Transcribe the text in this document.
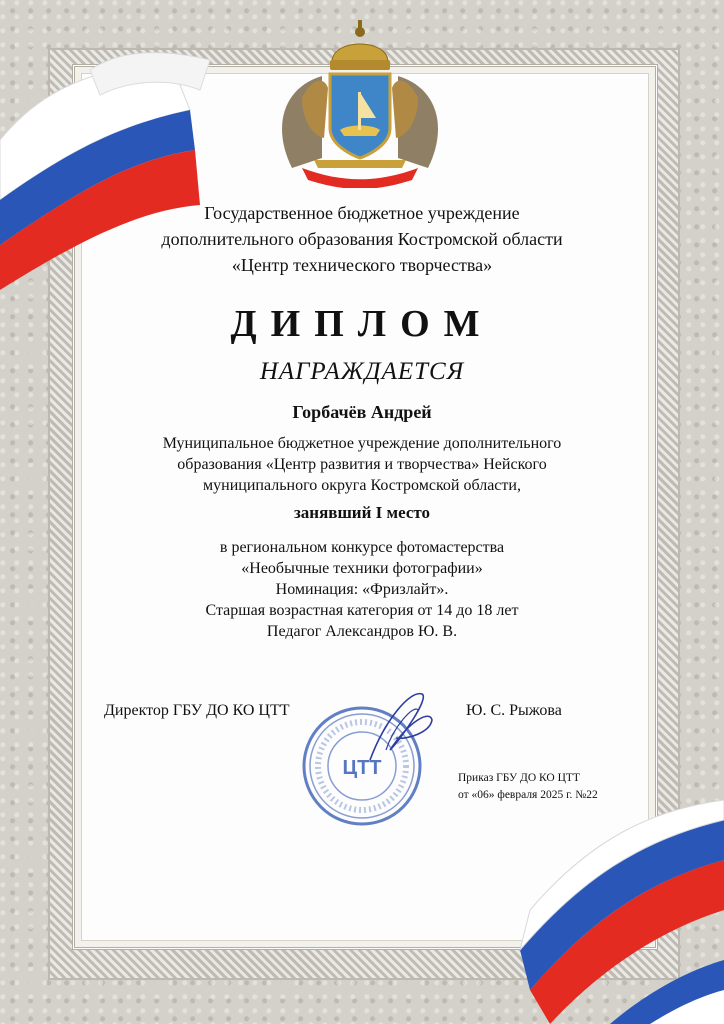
Государственное бюджетное учреждение
дополнительного образования Костромской области
«Центр технического творчества»
ДИПЛОМ
НАГРАЖДАЕТСЯ
Горбачёв Андрей
Муниципальное бюджетное учреждение дополнительного
образования «Центр развития и творчества» Нейского
муниципального округа Костромской области,
занявший I место
в региональном конкурсе фотомастерства
«Необычные техники фотографии»
Номинация: «Фризлайт».
Старшая возрастная категория от 14 до 18 лет
Педагог Александров Ю. В.
Директор ГБУ ДО КО ЦТТ	Ю. С. Рыжова
ЦТТ	Приказ ГБУ ДО КО ЦТТ
от «06» февраля 2025 г. №22
